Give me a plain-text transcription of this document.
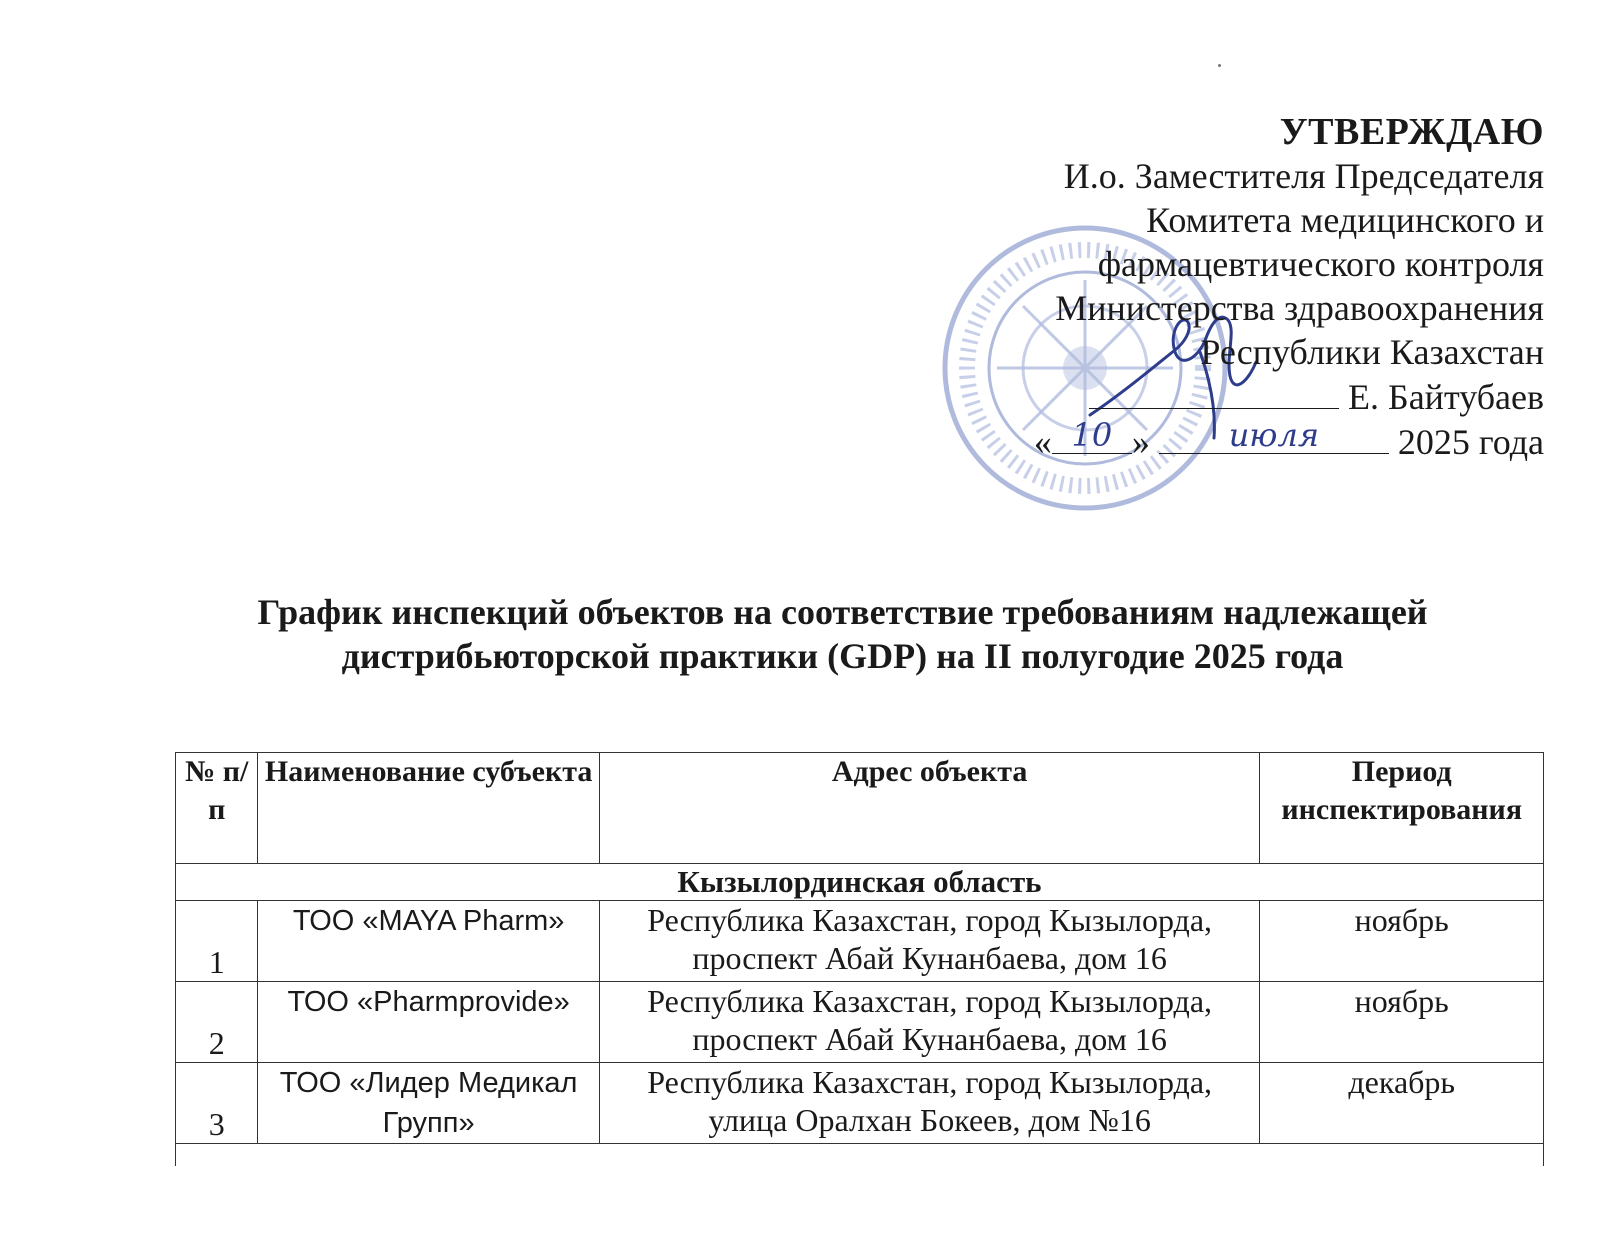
УТВЕРЖДАЮ
И.о. Заместителя Председателя
Комитета медицинского и
фармацевтического контроля
Министерства здравоохранения
Республики Казахстан
Е. Байтубаев
« 10 »	июля	2025 года
График инспекций объектов на соответствие требованиям надлежащей
дистрибьюторской практики (GDP) на II полугодие 2025 года
№ п/п	Наименование субъекта	Адрес объекта	Период инспектирования
Кызылординская область			
1	ТОО «MAYA Pharm»	Республика Казахстан, город Кызылорда, проспект Абай Кунанбаева, дом 16	ноябрь
2	ТОО «Pharmprovide»	Республика Казахстан, город Кызылорда, проспект Абай Кунанбаева, дом 16	ноябрь
3	ТОО «Лидер Медикал Групп»	Республика Казахстан, город Кызылорда, улица Оралхан Бокеев, дом №16	декабрь
